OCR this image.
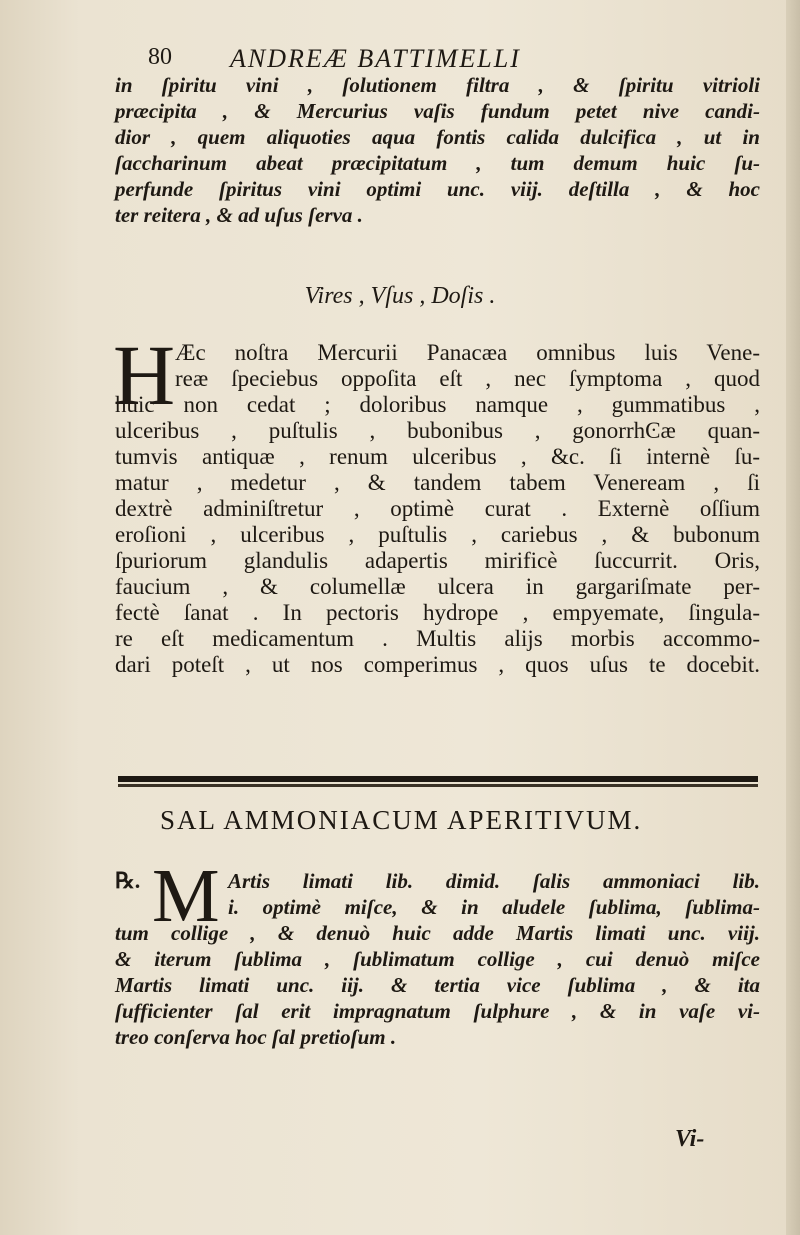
80 ANDREÆ BATTIMELLI
in ſpiritu vini , ſolutionem filtra , & ſpiritu vitrioli
præcipita , & Mercurius vaſis fundum petet nive candi-
dior , quem aliquoties aqua fontis calida dulcifica , ut in
ſaccharinum abeat præcipitatum , tum demum huic ſu-
perfunde ſpiritus vini optimi unc. viij. deſtilla , & hoc
ter reitera , & ad uſus ſerva .
Vires , Vſus , Doſis .
H Æc noſtra Mercurii Panacæa omnibus luis Vene-
reæ ſpeciebus oppoſita eſt , nec ſymptoma , quod
huic non cedat ; doloribus namque , gummatibus ,
ulceribus , puſtulis , bubonibus , gonorrhϾæ quan-
tumvis antiquæ , renum ulceribus , &c. ſi internè ſu-
matur , medetur , & tandem tabem Veneream , ſi
dextrè adminiſtretur , optimè curat . Externè oſſium
eroſioni , ulceribus , puſtulis , cariebus , & bubonum
ſpuriorum glandulis adapertis mirificè ſuccurrit. Oris,
faucium , & columellæ ulcera in gargariſmate per-
fectè ſanat . In pectoris hydrope , empyemate, ſingula-
re eſt medicamentum . Multis alijs morbis accommo-
dari poteſt , ut nos comperimus , quos uſus te docebit.
SAL AMMONIACUM APERITIVUM.
℞. M Artis limati lib. dimid. ſalis ammoniaci lib.
i. optimè miſce, & in aludele ſublima, ſublima-
tum collige , & denuò huic adde Martis limati unc. viij.
& iterum ſublima , ſublimatum collige , cui denuò miſce
Martis limati unc. iij. & tertia vice ſublima , & ita
ſufficienter ſal erit impragnatum ſulphure , & in vaſe vi-
treo conſerva hoc ſal pretioſum .
Vi-
